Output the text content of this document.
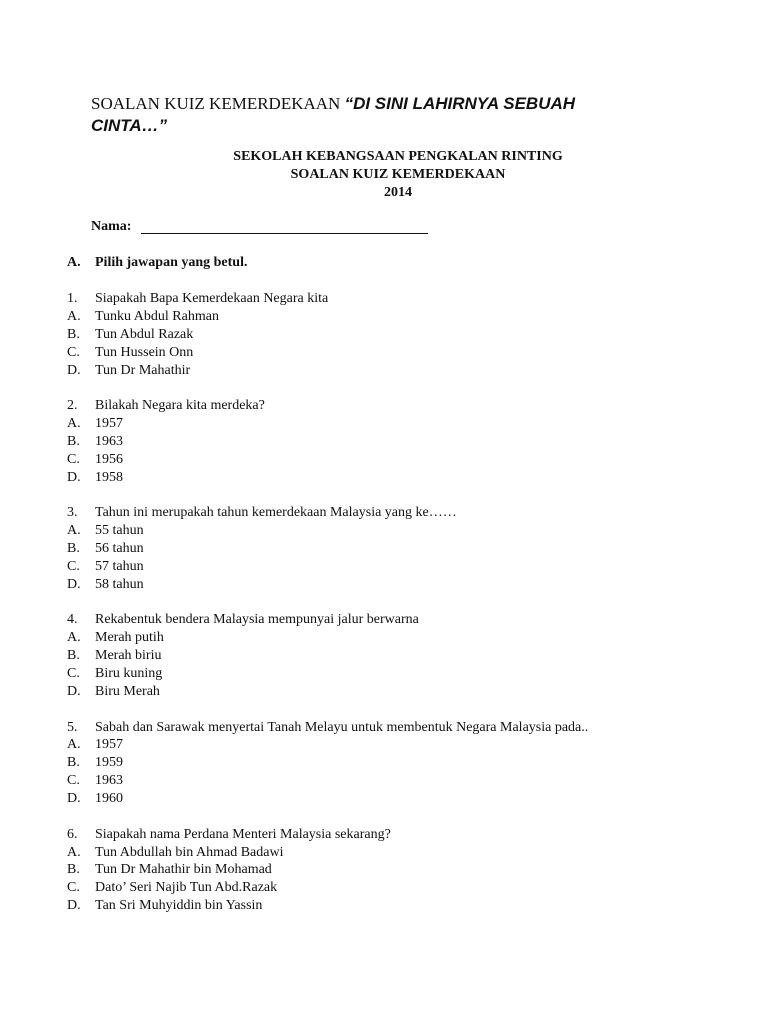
SOALAN KUIZ KEMERDEKAAN “DI SINI LAHIRNYA SEBUAH CINTA…”
SEKOLAH KEBANGSAAN PENGKALAN RINTING
SOALAN KUIZ KEMERDEKAAN
2014
Nama:
A. Pilih jawapan yang betul.
1.	Siapakah Bapa Kemerdekaan Negara kita
A.	Tunku Abdul Rahman
B.	Tun Abdul Razak
C.	Tun Hussein Onn
D.	Tun Dr Mahathir
2.	Bilakah Negara kita merdeka?
A.	1957
B.	1963
C.	1956
D.	1958
3.	Tahun ini merupakah tahun kemerdekaan Malaysia yang ke……
A.	55 tahun
B.	56 tahun
C.	57 tahun
D.	58 tahun
4.	Rekabentuk bendera Malaysia mempunyai jalur berwarna
A.	Merah putih
B.	Merah biriu
C.	Biru kuning
D.	Biru Merah
5.	Sabah dan Sarawak menyertai Tanah Melayu untuk membentuk Negara Malaysia pada..
A.	1957
B.	1959
C.	1963
D.	1960
6.	Siapakah nama Perdana Menteri Malaysia sekarang?
A.	Tun Abdullah bin Ahmad Badawi
B.	Tun Dr Mahathir bin Mohamad
C.	Dato’ Seri Najib Tun Abd.Razak
D.	Tan Sri Muhyiddin bin Yassin
